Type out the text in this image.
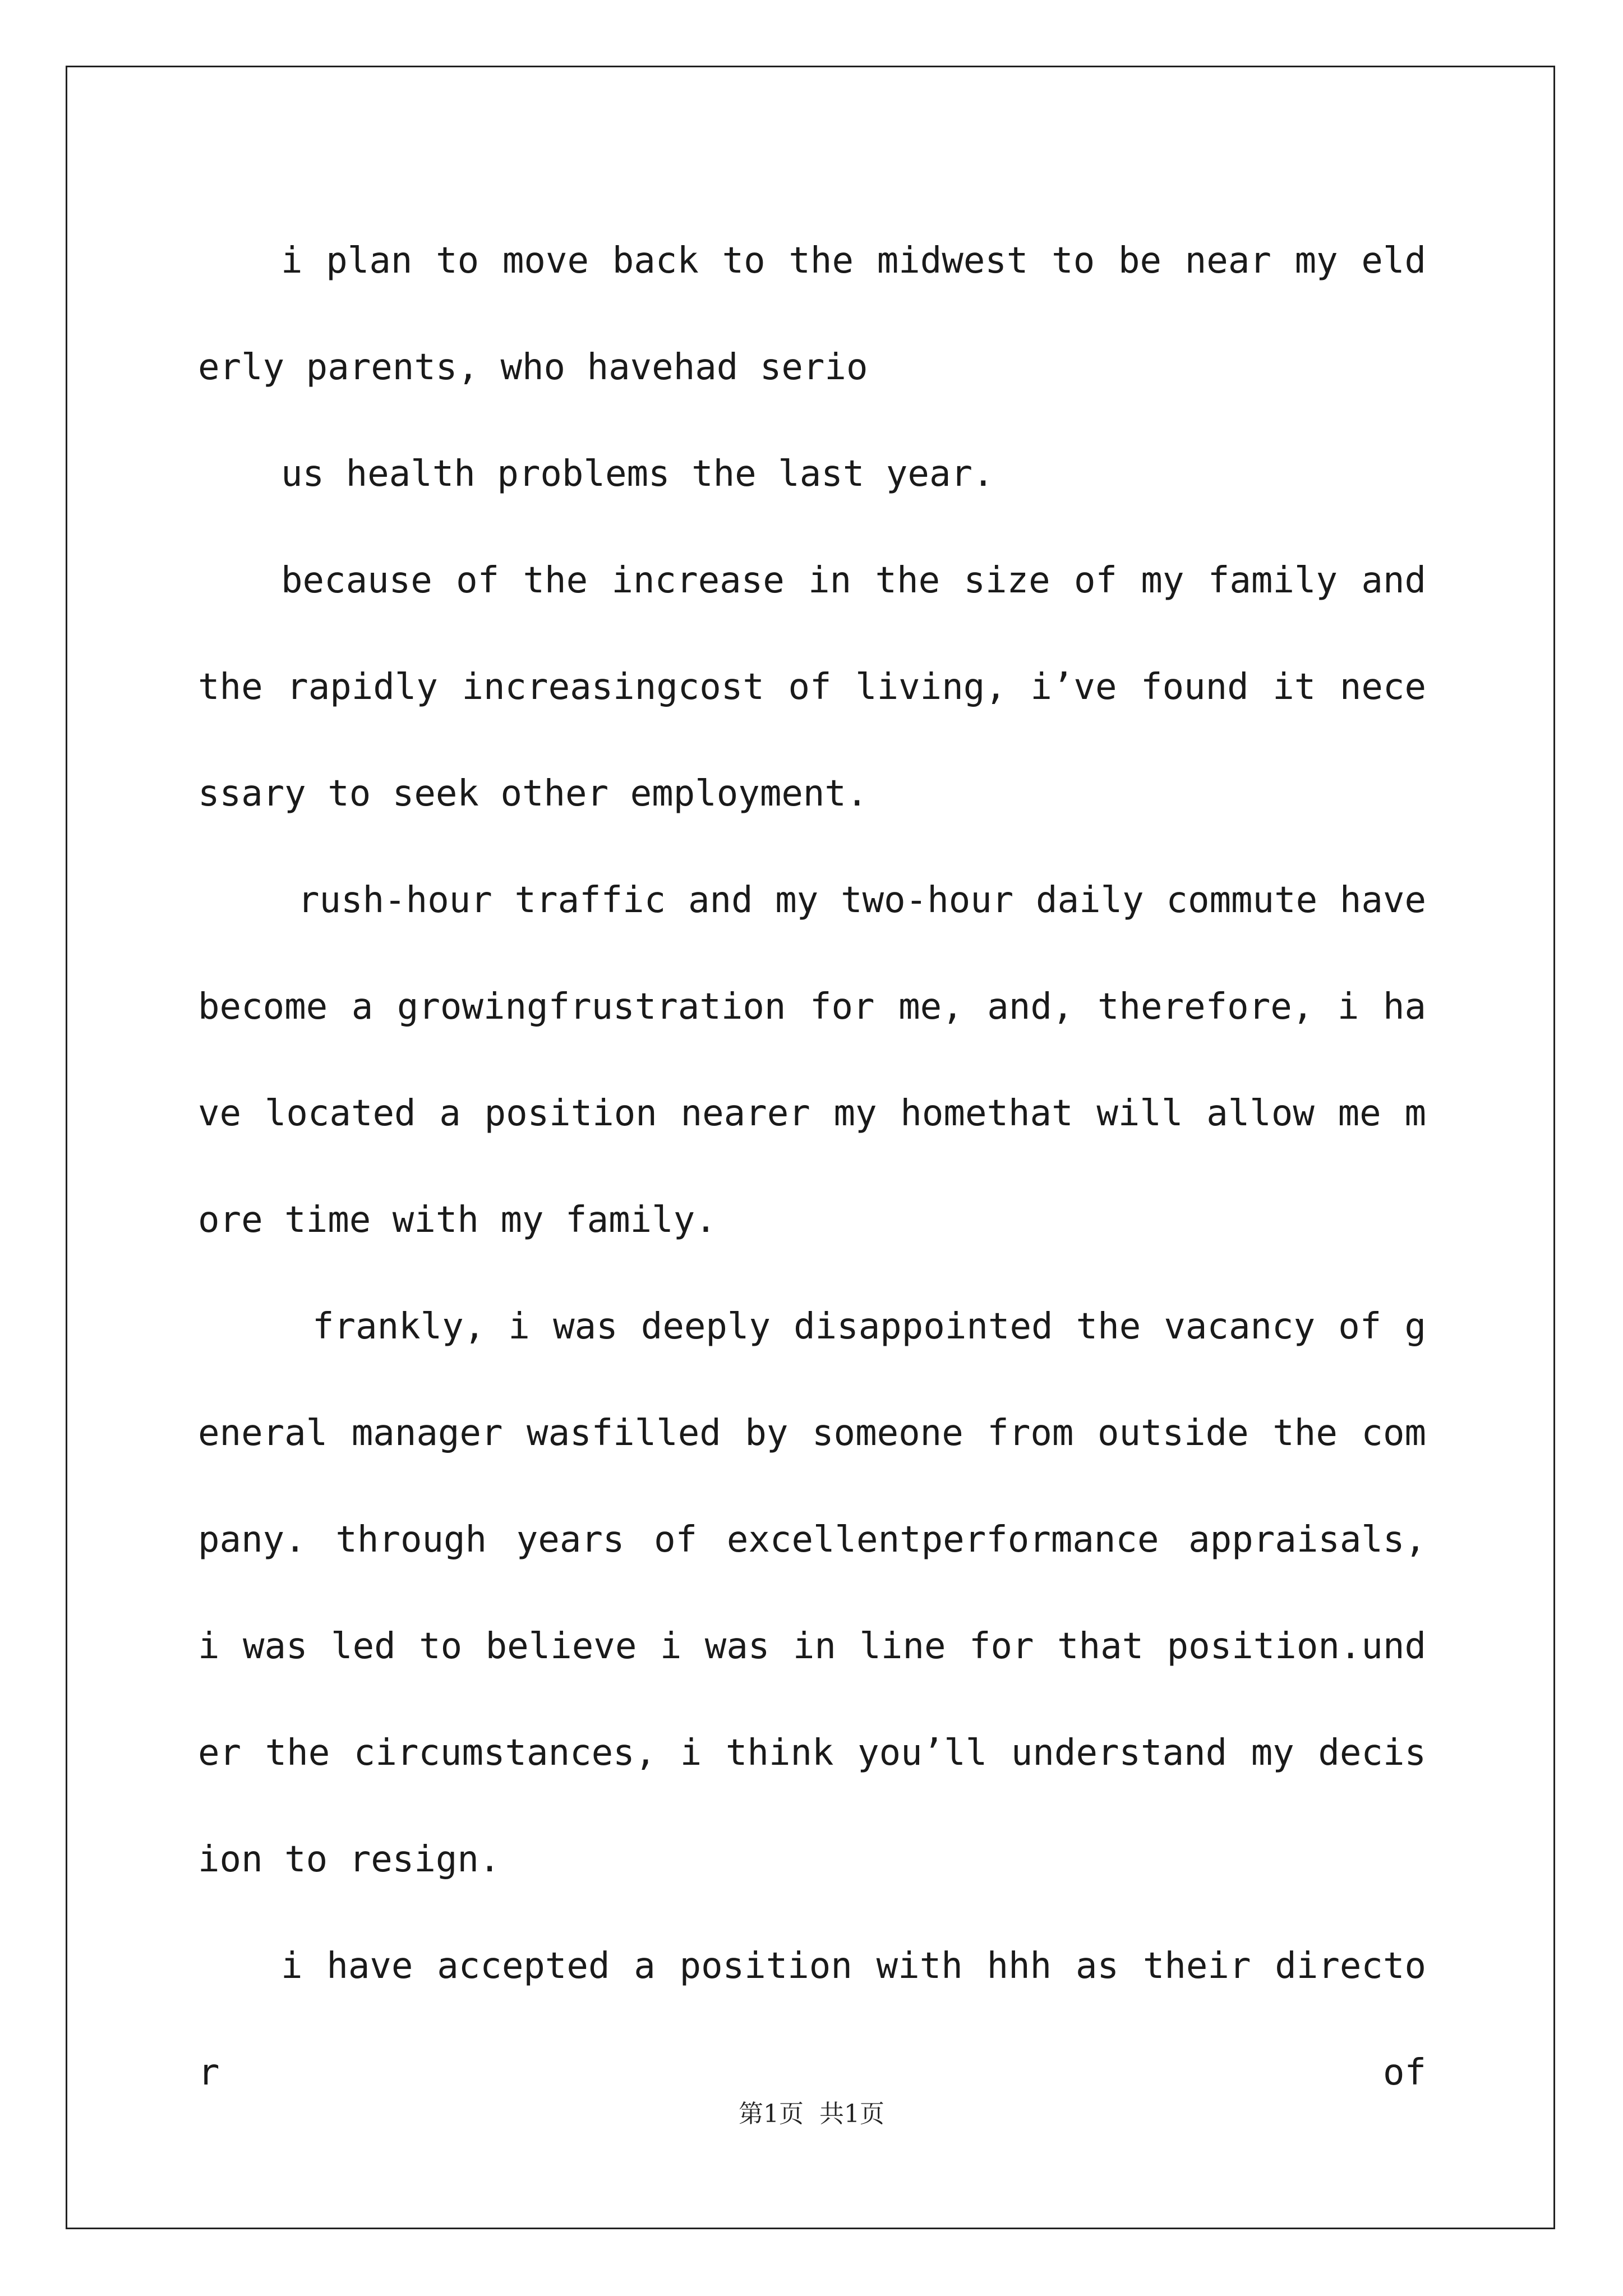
i plan to move back to the midwest to be near my elderly parents, who havehad serio

us health problems the last year.

because of the increase in the size of my family and the rapidly increasingcost of living, i’ve found it necessary to seek other employment.

rush-hour traffic and my two-hour daily commute have become a growingfrustration for me, and, therefore, i have located a position nearer my homethat will allow me more time with my family.

frankly, i was deeply disappointed the vacancy of general manager wasfilled by someone from outside the company. through years of excellentperformance appraisals, i was led to believe i was in line for that position.under the circumstances, i think you’ll understand my decision to resign.

i have accepted a position with hhh as their director of

第1页  共1页
